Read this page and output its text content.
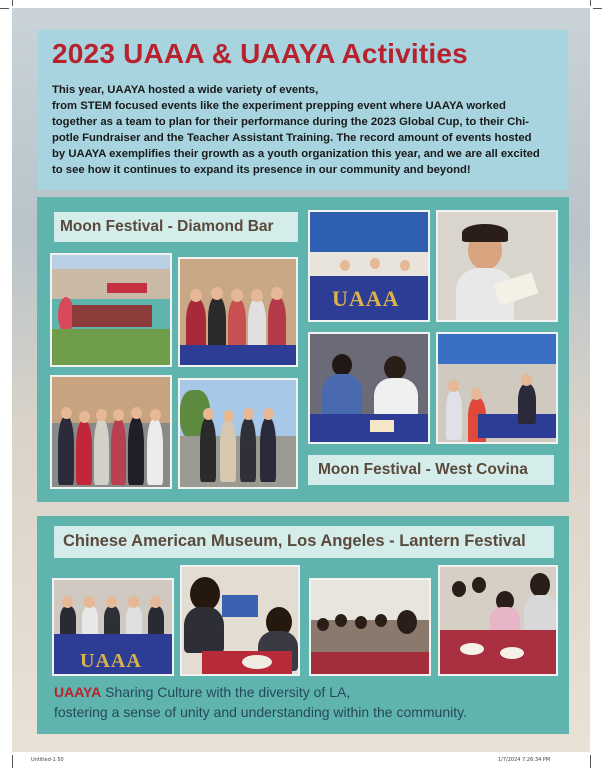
2023 UAAA & UAAYA Activities

This year, UAAYA hosted a wide variety of events,
from STEM focused events like the experiment prepping event where UAAYA worked
together as a team to plan for their performance during the 2023 Global Cup, to their Chi-
potle Fundraiser and the Teacher Assistant Training. The record amount of events hosted
by UAAYA exemplifies their growth as a youth organization this year, and we are all excited
to see how it continues to expand its presence in our community and beyond!

Moon Festival - Diamond Bar
UAAA
Moon Festival - West Covina
Chinese American Museum, Los Angeles - Lantern Festival
UAAA
UAAYA Sharing Culture with the diversity of LA,
fostering a sense of unity and understanding within the community.
Untitled-1 50	1/7/2024 7:26:34 PM
